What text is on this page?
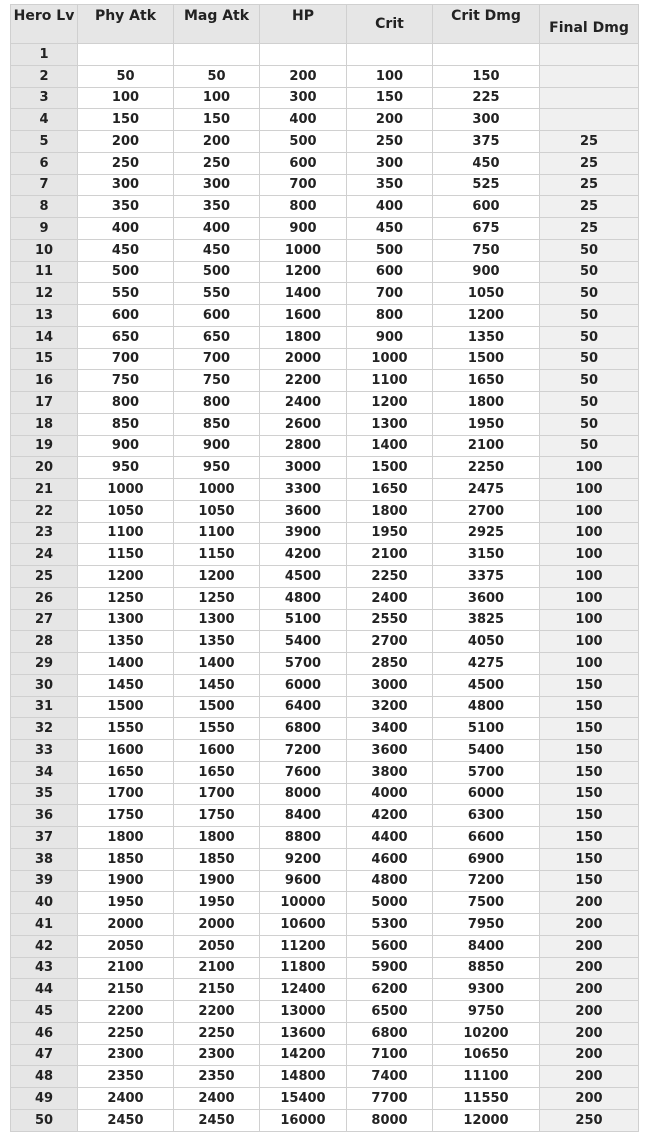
Hero Lv	Phy Atk	Mag Atk	HP	Crit	Crit Dmg	Final Dmg
1						
2	50	50	200	100	150	
3	100	100	300	150	225	
4	150	150	400	200	300	
5	200	200	500	250	375	25
6	250	250	600	300	450	25
7	300	300	700	350	525	25
8	350	350	800	400	600	25
9	400	400	900	450	675	25
10	450	450	1000	500	750	50
11	500	500	1200	600	900	50
12	550	550	1400	700	1050	50
13	600	600	1600	800	1200	50
14	650	650	1800	900	1350	50
15	700	700	2000	1000	1500	50
16	750	750	2200	1100	1650	50
17	800	800	2400	1200	1800	50
18	850	850	2600	1300	1950	50
19	900	900	2800	1400	2100	50
20	950	950	3000	1500	2250	100
21	1000	1000	3300	1650	2475	100
22	1050	1050	3600	1800	2700	100
23	1100	1100	3900	1950	2925	100
24	1150	1150	4200	2100	3150	100
25	1200	1200	4500	2250	3375	100
26	1250	1250	4800	2400	3600	100
27	1300	1300	5100	2550	3825	100
28	1350	1350	5400	2700	4050	100
29	1400	1400	5700	2850	4275	100
30	1450	1450	6000	3000	4500	150
31	1500	1500	6400	3200	4800	150
32	1550	1550	6800	3400	5100	150
33	1600	1600	7200	3600	5400	150
34	1650	1650	7600	3800	5700	150
35	1700	1700	8000	4000	6000	150
36	1750	1750	8400	4200	6300	150
37	1800	1800	8800	4400	6600	150
38	1850	1850	9200	4600	6900	150
39	1900	1900	9600	4800	7200	150
40	1950	1950	10000	5000	7500	200
41	2000	2000	10600	5300	7950	200
42	2050	2050	11200	5600	8400	200
43	2100	2100	11800	5900	8850	200
44	2150	2150	12400	6200	9300	200
45	2200	2200	13000	6500	9750	200
46	2250	2250	13600	6800	10200	200
47	2300	2300	14200	7100	10650	200
48	2350	2350	14800	7400	11100	200
49	2400	2400	15400	7700	11550	200
50	2450	2450	16000	8000	12000	250
